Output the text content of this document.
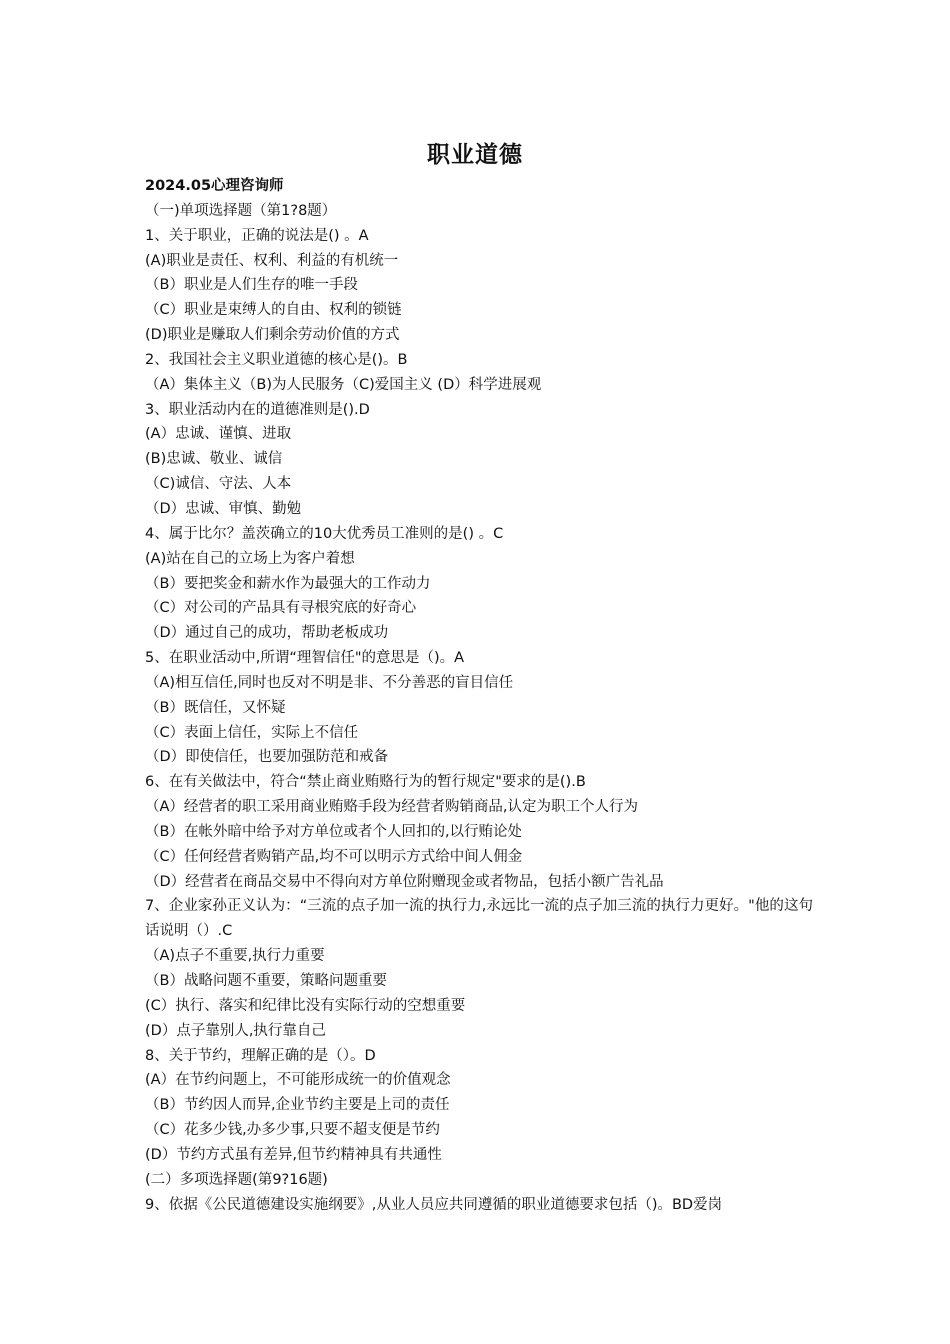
职业道德
2024.05心理咨询师
（一)单项选择题（第1?8题）
1、关于职业，正确的说法是() 。A
(A)职业是责任、权利、利益的有机统一
（B）职业是人们生存的唯一手段
（C）职业是束缚人的自由、权利的锁链
(D)职业是赚取人们剩余劳动价值的方式
2、我国社会主义职业道德的核心是()。B
（A）集体主义（B)为人民服务（C)爱国主义 (D）科学进展观
3、职业活动内在的道德准则是().D
(A）忠诚、谨慎、进取
(B)忠诚、敬业、诚信
（C)诚信、守法、人本
（D）忠诚、审慎、勤勉
4、属于比尔？盖茨确立的10大优秀员工准则的是() 。C
(A)站在自己的立场上为客户着想
（B）要把奖金和薪水作为最强大的工作动力
（C）对公司的产品具有寻根究底的好奇心
（D）通过自己的成功，帮助老板成功
5、在职业活动中,所谓“理智信任"的意思是（)。A
（A)相互信任,同时也反对不明是非、不分善恶的盲目信任
（B）既信任，又怀疑
（C）表面上信任，实际上不信任
（D）即使信任，也要加强防范和戒备
6、在有关做法中，符合“禁止商业贿赂行为的暂行规定"要求的是().B
（A）经营者的职工采用商业贿赂手段为经营者购销商品,认定为职工个人行为
（B）在帐外暗中给予对方单位或者个人回扣的,以行贿论处
（C）任何经营者购销产品,均不可以明示方式给中间人佣金
（D）经营者在商品交易中不得向对方单位附赠现金或者物品，包括小额广告礼品
7、企业家孙正义认为：“三流的点子加一流的执行力,永远比一流的点子加三流的执行力更好。"他的这句话说明（）.C
（A)点子不重要,执行力重要
（B）战略问题不重要，策略问题重要
(C）执行、落实和纪律比没有实际行动的空想重要
(D）点子靠别人,执行靠自己
8、关于节约，理解正确的是（）。D
(A）在节约问题上，不可能形成统一的价值观念
（B）节约因人而异,企业节约主要是上司的责任
（C）花多少钱,办多少事,只要不超支便是节约
(D）节约方式虽有差异,但节约精神具有共通性
(二）多项选择题(第9?16题)
9、依据《公民道德建设实施纲要》,从业人员应共同遵循的职业道德要求包括（)。BD爱岗
